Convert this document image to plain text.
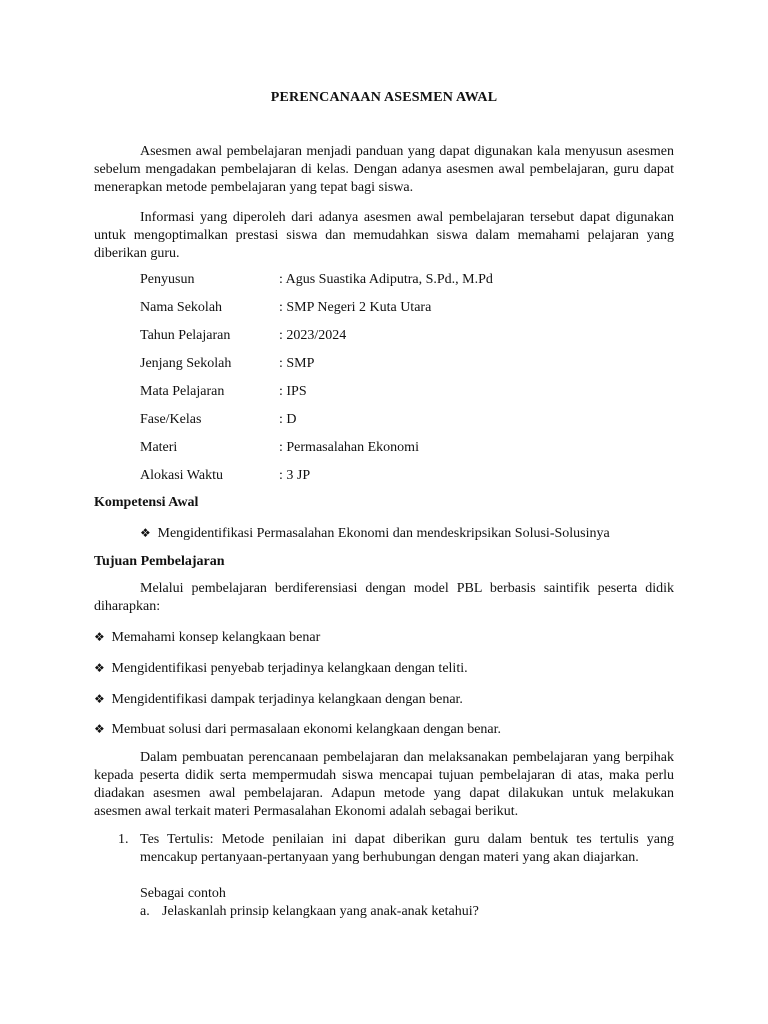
PERENCANAAN ASESMEN AWAL

Asesmen awal pembelajaran menjadi panduan yang dapat digunakan kala menyusun asesmen sebelum mengadakan pembelajaran di kelas. Dengan adanya asesmen awal pembelajaran, guru dapat menerapkan metode pembelajaran yang tepat bagi siswa.

Informasi yang diperoleh dari adanya asesmen awal pembelajaran tersebut dapat digunakan untuk mengoptimalkan prestasi siswa dan memudahkan siswa dalam memahami pelajaran yang diberikan guru.

Penyusun	: Agus Suastika Adiputra, S.Pd., M.Pd
Nama Sekolah	: SMP Negeri 2 Kuta Utara
Tahun Pelajaran	: 2023/2024
Jenjang Sekolah	: SMP
Mata Pelajaran	: IPS
Fase/Kelas	: D
Materi	: Permasalahan Ekonomi
Alokasi Waktu	: 3 JP
Kompetensi Awal
❖ Mengidentifikasi Permasalahan Ekonomi dan mendeskripsikan Solusi-Solusinya
Tujuan Pembelajaran

Melalui pembelajaran berdiferensiasi dengan model PBL berbasis saintifik peserta didik diharapkan:

❖ Memahami konsep kelangkaan benar
❖ Mengidentifikasi penyebab terjadinya kelangkaan dengan teliti.
❖ Mengidentifikasi dampak terjadinya kelangkaan dengan benar.
❖ Membuat solusi dari permasalaan ekonomi kelangkaan dengan benar.

Dalam pembuatan perencanaan pembelajaran dan melaksanakan pembelajaran yang berpihak kepada peserta didik serta mempermudah siswa mencapai tujuan pembelajaran di atas, maka perlu diadakan asesmen awal pembelajaran. Adapun metode yang dapat dilakukan untuk melakukan asesmen awal terkait materi Permasalahan Ekonomi adalah sebagai berikut.

1. Tes Tertulis: Metode penilaian ini dapat diberikan guru dalam bentuk tes tertulis yang mencakup pertanyaan-pertanyaan yang berhubungan dengan materi yang akan diajarkan.
Sebagai contoh
a. Jelaskanlah prinsip kelangkaan yang anak-anak ketahui?
